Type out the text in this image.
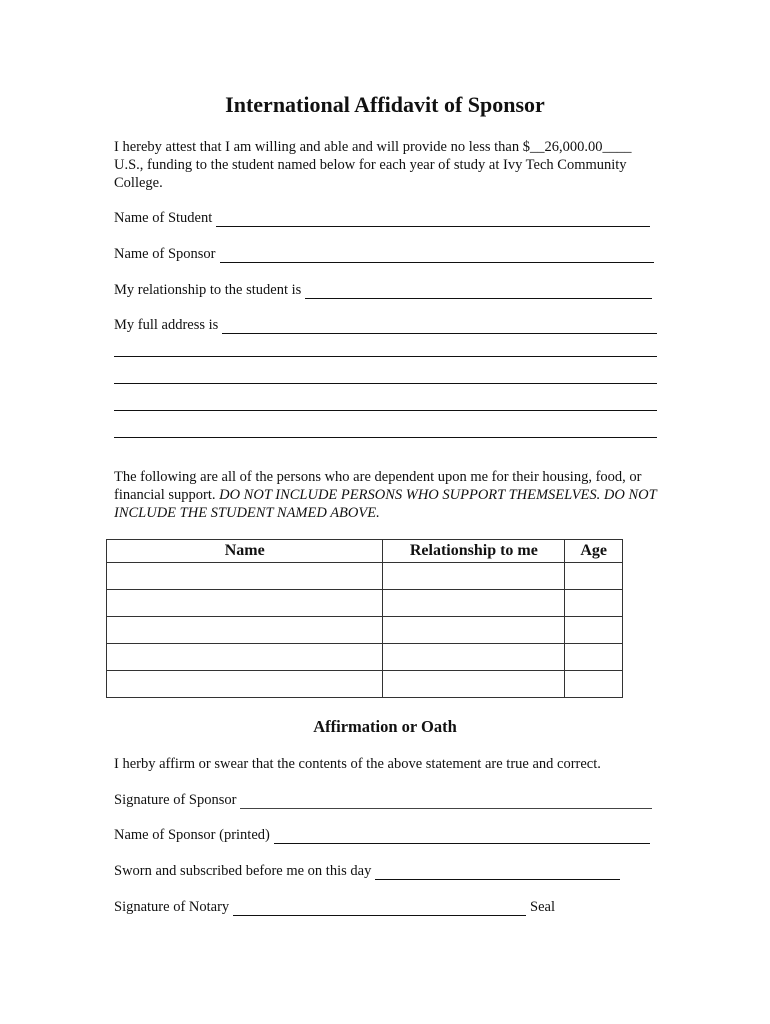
International Affidavit of Sponsor
I hereby attest that I am willing and able and will provide no less than $__26,000.00____ U.S., funding to the student named below for each year of study at Ivy Tech Community College.
Name of Student
Name of Sponsor
My relationship to the student is
My full address is
The following are all of the persons who are dependent upon me for their housing, food, or financial support. DO NOT INCLUDE PERSONS WHO SUPPORT THEMSELVES. DO NOT INCLUDE THE STUDENT NAMED ABOVE.
Name	Relationship to me	Age

Affirmation or Oath
I herby affirm or swear that the contents of the above statement are true and correct.
Signature of Sponsor
Name of Sponsor (printed)
Sworn and subscribed before me on this day
Signature of Notary	Seal
